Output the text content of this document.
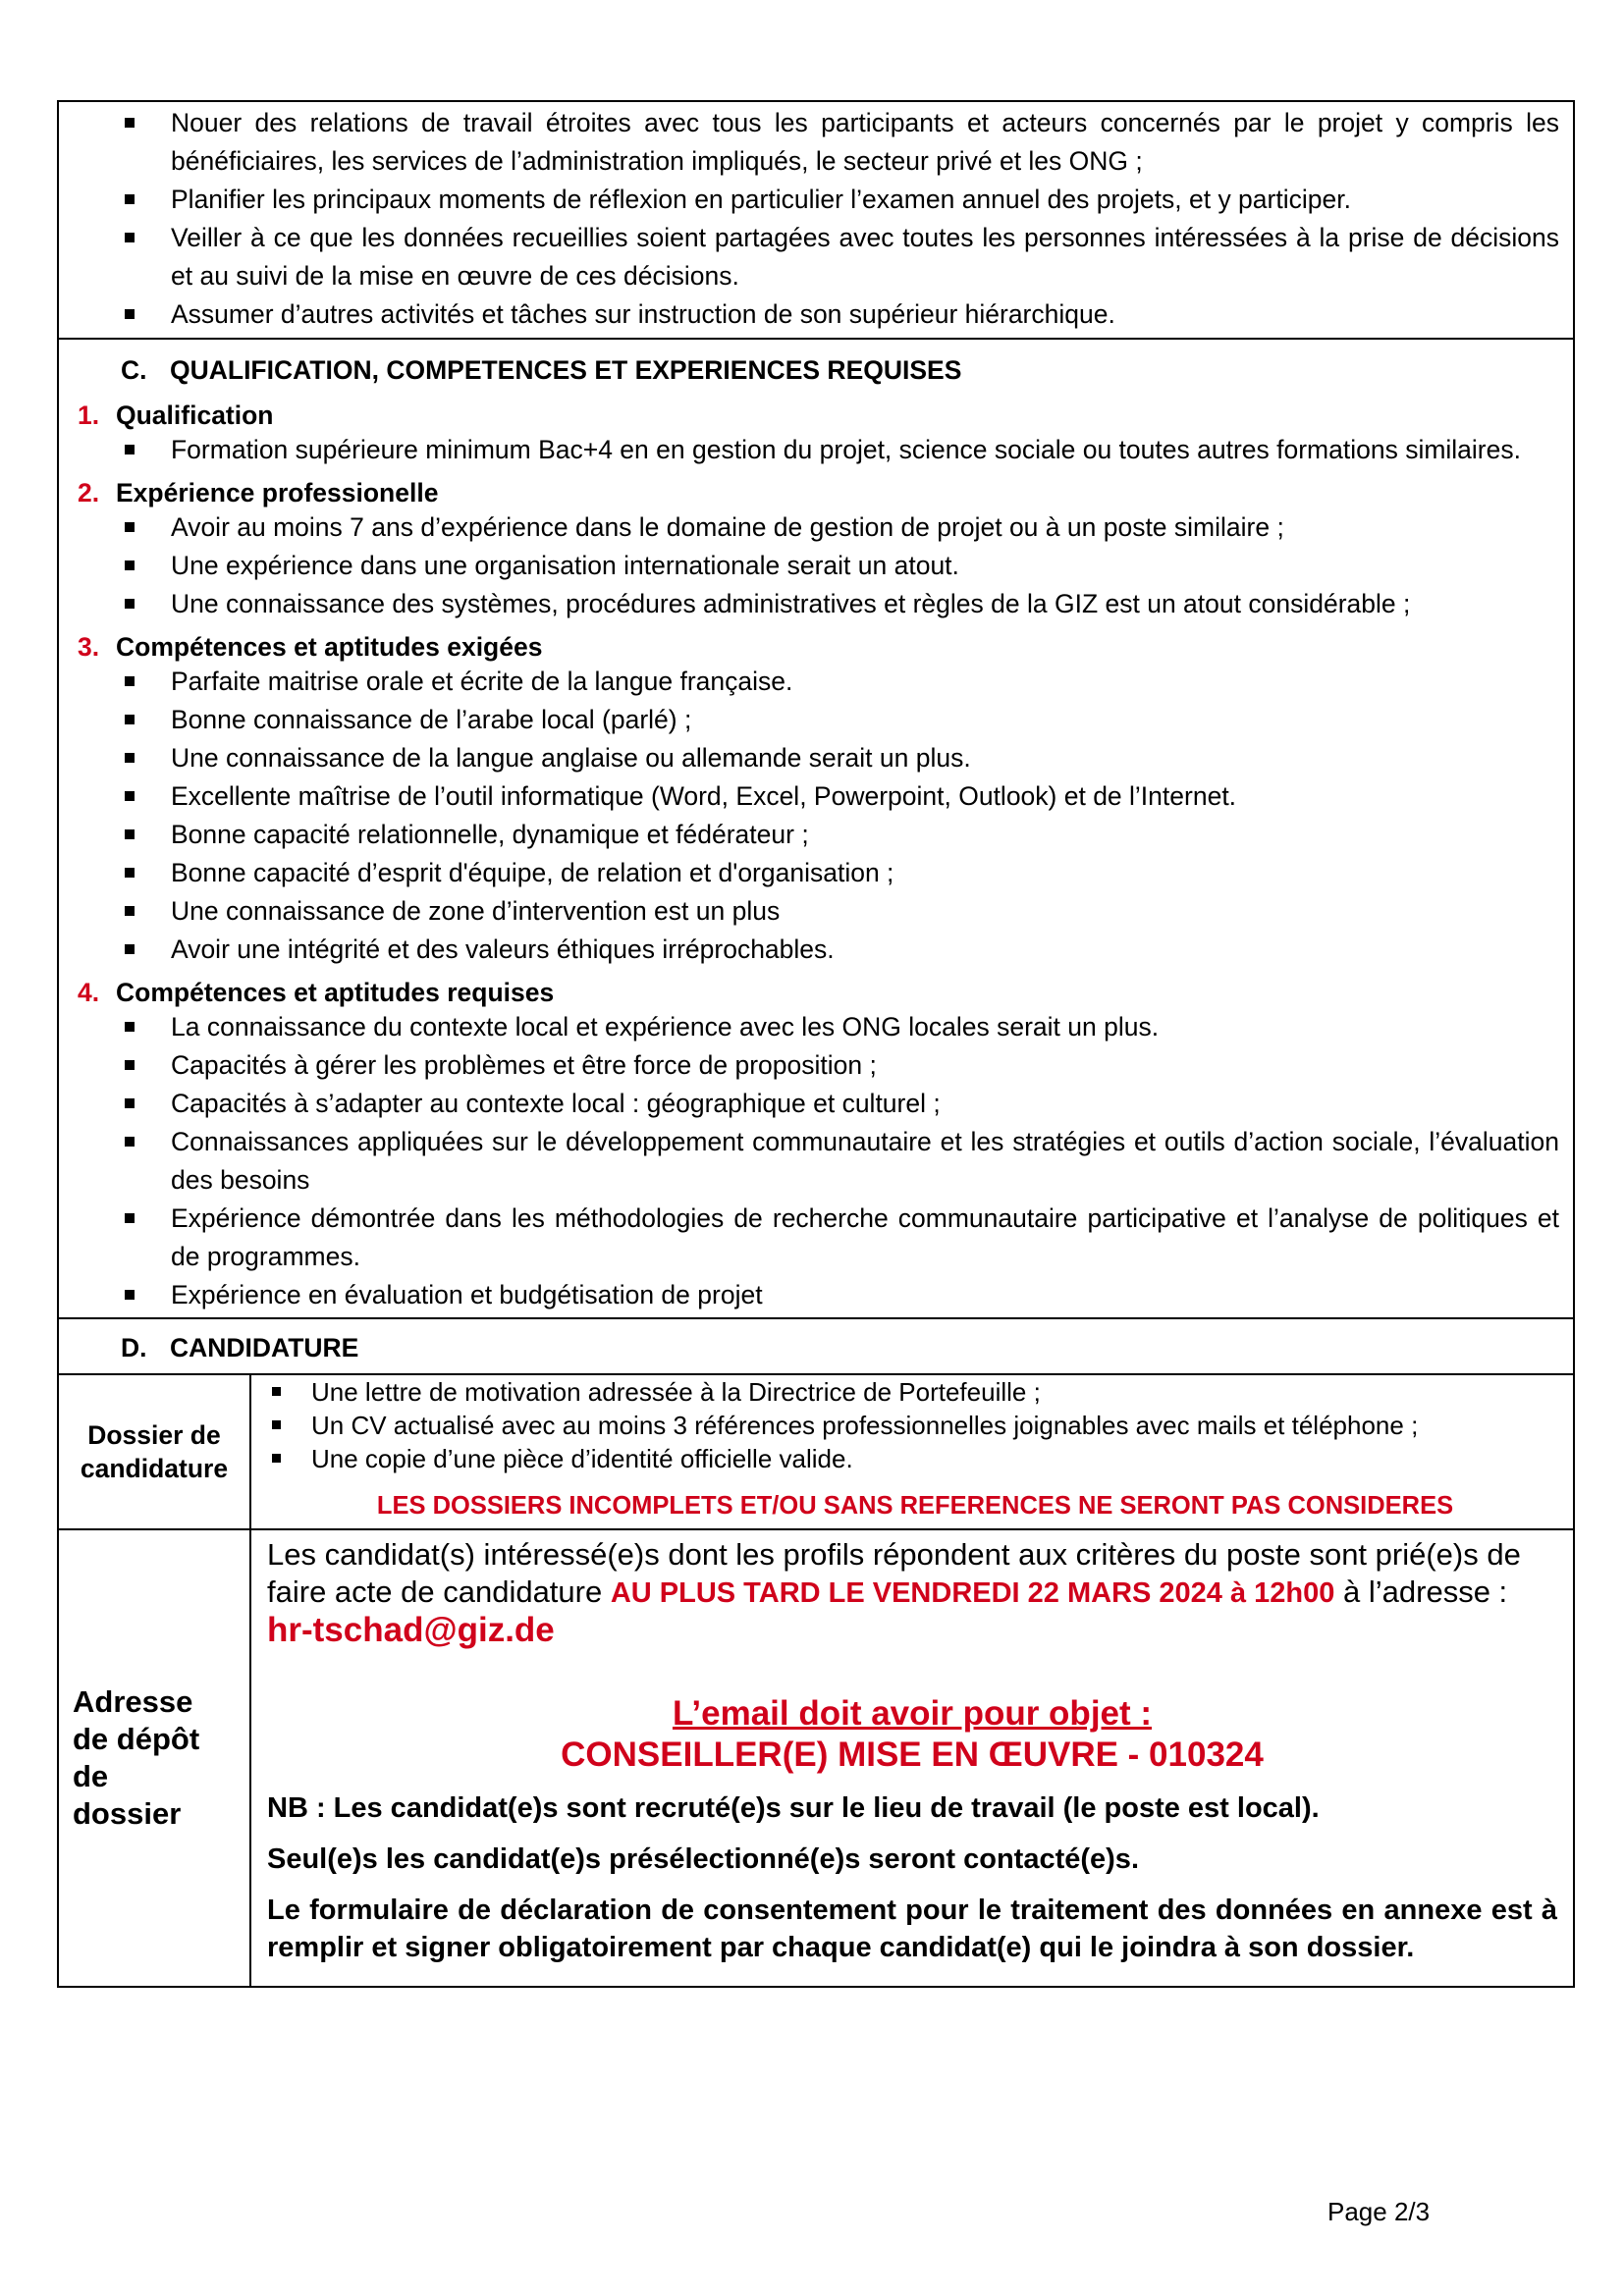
Nouer des relations de travail étroites avec tous les participants et acteurs concernés par le projet y compris les bénéficiaires, les services de l’administration impliqués, le secteur privé et les ONG ;
Planifier les principaux moments de réflexion en particulier l’examen annuel des projets, et y participer.
Veiller à ce que les données recueillies soient partagées avec toutes les personnes intéressées à la prise de décisions et au suivi de la mise en œuvre de ces décisions.
Assumer d’autres activités et tâches sur instruction de son supérieur hiérarchique.
C. QUALIFICATION, COMPETENCES ET EXPERIENCES REQUISES
1. Qualification
Formation supérieure minimum Bac+4 en en gestion du projet, science sociale ou toutes autres formations similaires.
2. Expérience professionelle
Avoir au moins 7 ans d’expérience dans le domaine de gestion de projet ou à un poste similaire ;
Une expérience dans une organisation internationale serait un atout.
Une connaissance des systèmes, procédures administratives et règles de la GIZ est un atout considérable ;
3. Compétences et aptitudes exigées
Parfaite maitrise orale et écrite de la langue française.
Bonne connaissance de l’arabe local (parlé) ;
Une connaissance de la langue anglaise ou allemande serait un plus.
Excellente maîtrise de l’outil informatique (Word, Excel, Powerpoint, Outlook) et de l’Internet.
Bonne capacité relationnelle, dynamique et fédérateur ;
Bonne capacité d’esprit d'équipe, de relation et d'organisation ;
Une connaissance de zone d’intervention est un plus
Avoir une intégrité et des valeurs éthiques irréprochables.
4. Compétences et aptitudes requises
La connaissance du contexte local et expérience avec les ONG locales serait un plus.
Capacités à gérer les problèmes et être force de proposition ;
Capacités à s’adapter au contexte local : géographique et culturel ;
Connaissances appliquées sur le développement communautaire et les stratégies et outils d’action sociale, l’évaluation des besoins
Expérience démontrée dans les méthodologies de recherche communautaire participative et l’analyse de politiques et de programmes.
Expérience en évaluation et budgétisation de projet
D. CANDIDATURE
Dossier de
candidature
Une lettre de motivation adressée à la Directrice de Portefeuille ;
Un CV actualisé avec au moins 3 références professionnelles joignables avec mails et téléphone ;
Une copie d’une pièce d’identité officielle valide.
LES DOSSIERS INCOMPLETS ET/OU SANS REFERENCES NE SERONT PAS CONSIDERES
Adresse
de dépôt
de
dossier
Les candidat(s) intéressé(e)s dont les profils répondent aux critères du poste sont prié(e)s de faire acte de candidature AU PLUS TARD LE VENDREDI 22 MARS 2024 à 12h00 à l’adresse : hr-tschad@giz.de
L’email doit avoir pour objet :
CONSEILLER(E) MISE EN ŒUVRE - 010324
NB : Les candidat(e)s sont recruté(e)s sur le lieu de travail (le poste est local).
Seul(e)s les candidat(e)s présélectionné(e)s seront contacté(e)s.
Le formulaire de déclaration de consentement pour le traitement des données en annexe est à remplir et signer obligatoirement par chaque candidat(e) qui le joindra à son dossier.
Page 2/3
